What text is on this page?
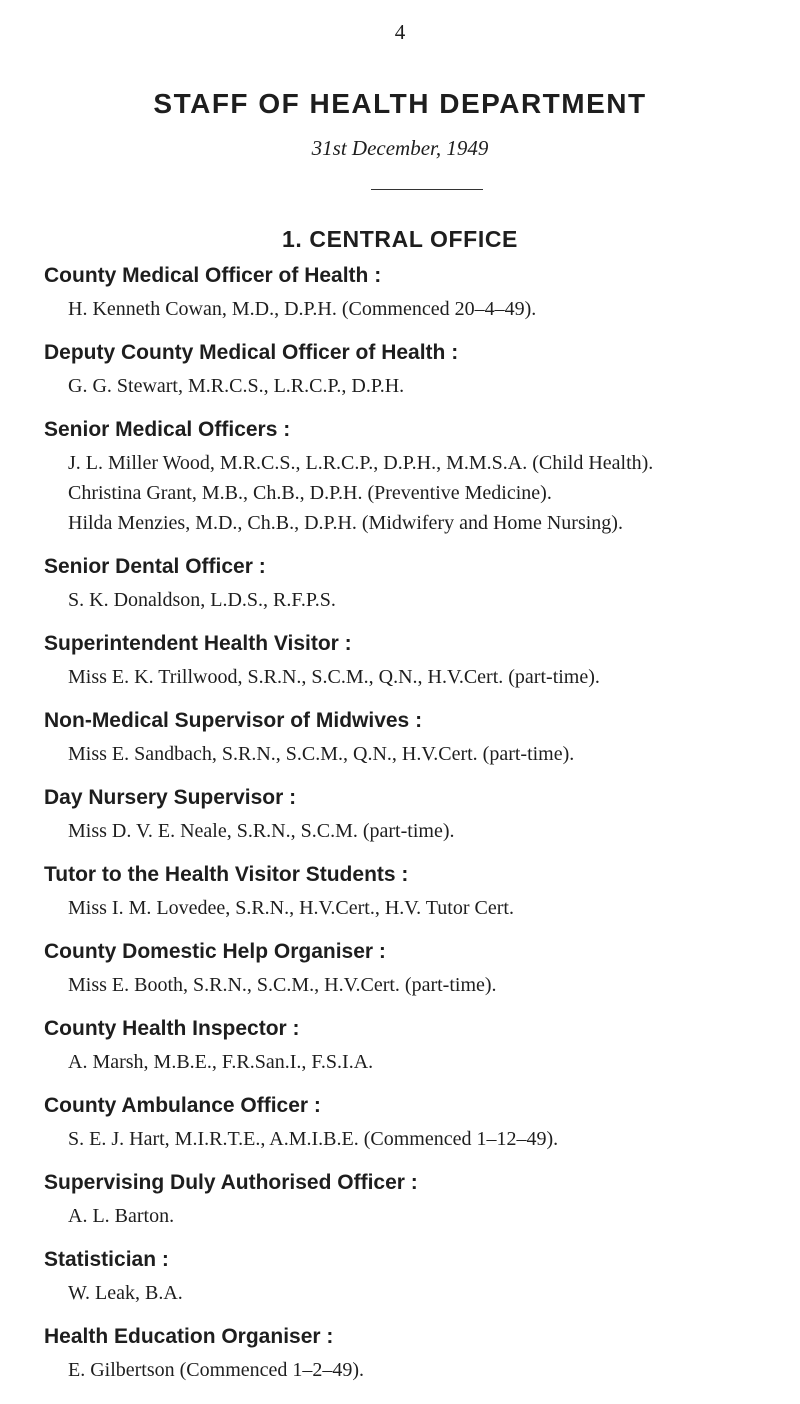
4
STAFF OF HEALTH DEPARTMENT
31st December, 1949
1. CENTRAL OFFICE
County Medical Officer of Health :
H. Kenneth Cowan, M.D., D.P.H. (Commenced 20–4–49).
Deputy County Medical Officer of Health :
G. G. Stewart, M.R.C.S., L.R.C.P., D.P.H.
Senior Medical Officers :
J. L. Miller Wood, M.R.C.S., L.R.C.P., D.P.H., M.M.S.A. (Child Health).
Christina Grant, M.B., Ch.B., D.P.H. (Preventive Medicine).
Hilda Menzies, M.D., Ch.B., D.P.H. (Midwifery and Home Nursing).
Senior Dental Officer :
S. K. Donaldson, L.D.S., R.F.P.S.
Superintendent Health Visitor :
Miss E. K. Trillwood, S.R.N., S.C.M., Q.N., H.V.Cert. (part-time).
Non-Medical Supervisor of Midwives :
Miss E. Sandbach, S.R.N., S.C.M., Q.N., H.V.Cert. (part-time).
Day Nursery Supervisor :
Miss D. V. E. Neale, S.R.N., S.C.M. (part-time).
Tutor to the Health Visitor Students :
Miss I. M. Lovedee, S.R.N., H.V.Cert., H.V. Tutor Cert.
County Domestic Help Organiser :
Miss E. Booth, S.R.N., S.C.M., H.V.Cert. (part-time).
County Health Inspector :
A. Marsh, M.B.E., F.R.San.I., F.S.I.A.
County Ambulance Officer :
S. E. J. Hart, M.I.R.T.E., A.M.I.B.E. (Commenced 1–12–49).
Supervising Duly Authorised Officer :
A. L. Barton.
Statistician :
W. Leak, B.A.
Health Education Organiser :
E. Gilbertson (Commenced 1–2–49).
